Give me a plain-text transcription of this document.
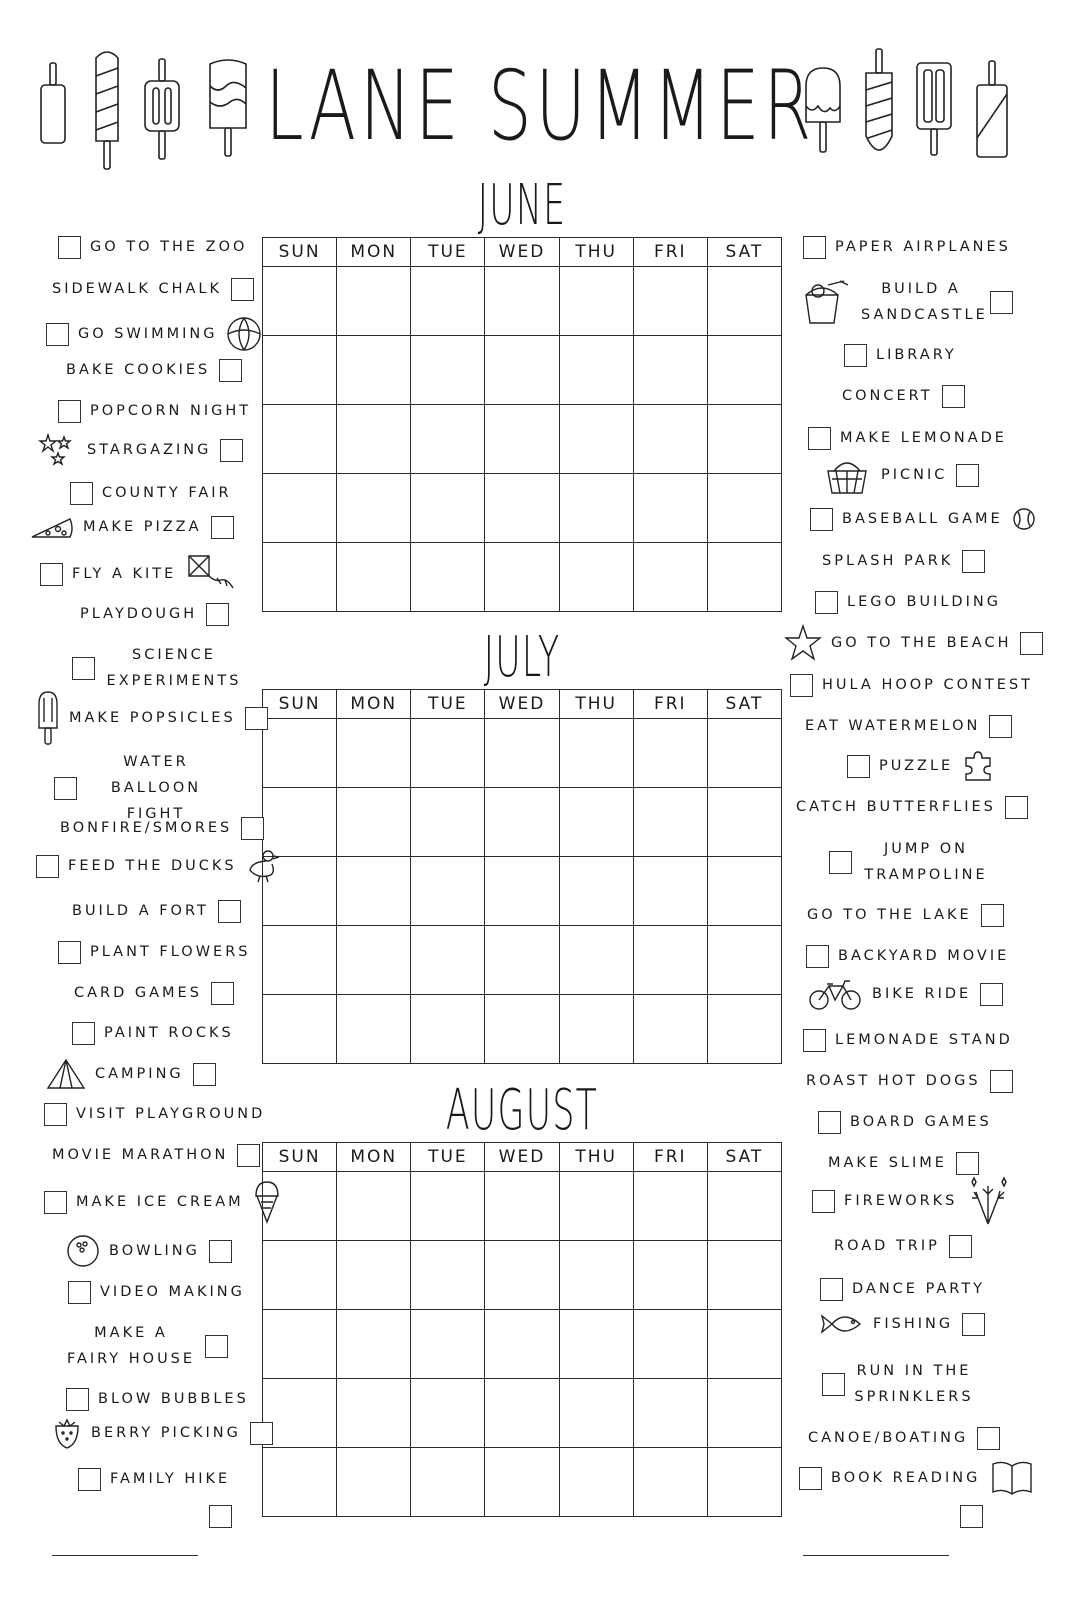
LANE SUMMER
JUNE
SUN	MON	TUE	WED	THU	FRI	SAT

JULY
SUN	MON	TUE	WED	THU	FRI	SAT

AUGUST
SUN	MON	TUE	WED	THU	FRI	SAT

GO TO THE ZOO
SIDEWALK CHALK
GO SWIMMING
BAKE COOKIES
POPCORN NIGHT
STARGAZING
COUNTY FAIR
MAKE PIZZA
FLY A KITE
PLAYDOUGH
SCIENCE EXPERIMENTS
MAKE POPSICLES
WATER BALLOON FIGHT
BONFIRE/SMORES
FEED THE DUCKS
BUILD A FORT
PLANT FLOWERS
CARD GAMES
PAINT ROCKS
CAMPING
VISIT PLAYGROUND
MOVIE MARATHON
MAKE ICE CREAM
BOWLING
VIDEO MAKING
MAKE A FAIRY HOUSE
BLOW BUBBLES
BERRY PICKING
FAMILY HIKE
PAPER AIRPLANES
BUILD A SANDCASTLE
LIBRARY
CONCERT
MAKE LEMONADE
PICNIC
BASEBALL GAME
SPLASH PARK
LEGO BUILDING
GO TO THE BEACH
HULA HOOP CONTEST
EAT WATERMELON
PUZZLE
CATCH BUTTERFLIES
JUMP ON TRAMPOLINE
GO TO THE LAKE
BACKYARD MOVIE
BIKE RIDE
LEMONADE STAND
ROAST HOT DOGS
BOARD GAMES
MAKE SLIME
FIREWORKS
ROAD TRIP
DANCE PARTY
FISHING
RUN IN THE SPRINKLERS
CANOE/BOATING
BOOK READING
